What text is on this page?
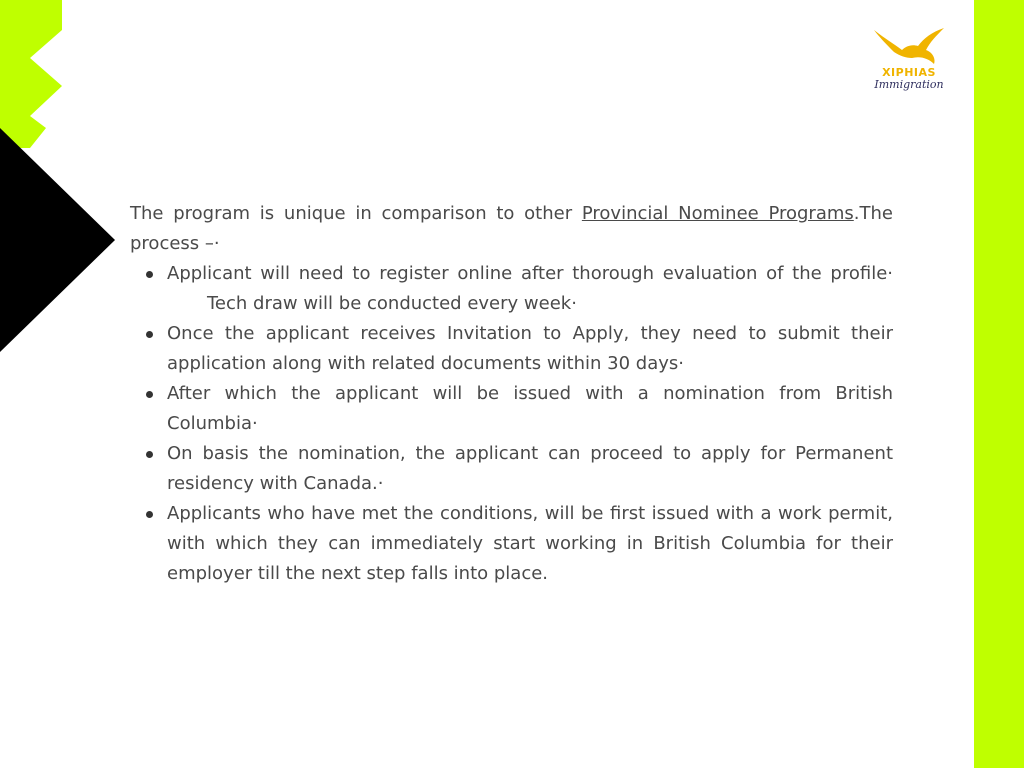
XIPHIAS
Immigration

The program is unique in comparison to other Provincial Nominee Programs.The process –·

Applicant will need to register online after thorough evaluation of the profile·Tech draw will be conducted every week·
Once the applicant receives Invitation to Apply, they need to submit their application along with related documents within 30 days·
After which the applicant will be issued with a nomination from British Columbia·
On basis the nomination, the applicant can proceed to apply for Permanent residency with Canada.·
Applicants who have met the conditions, will be first issued with a work permit, with which they can immediately start working in British Columbia for their employer till the next step falls into place.
